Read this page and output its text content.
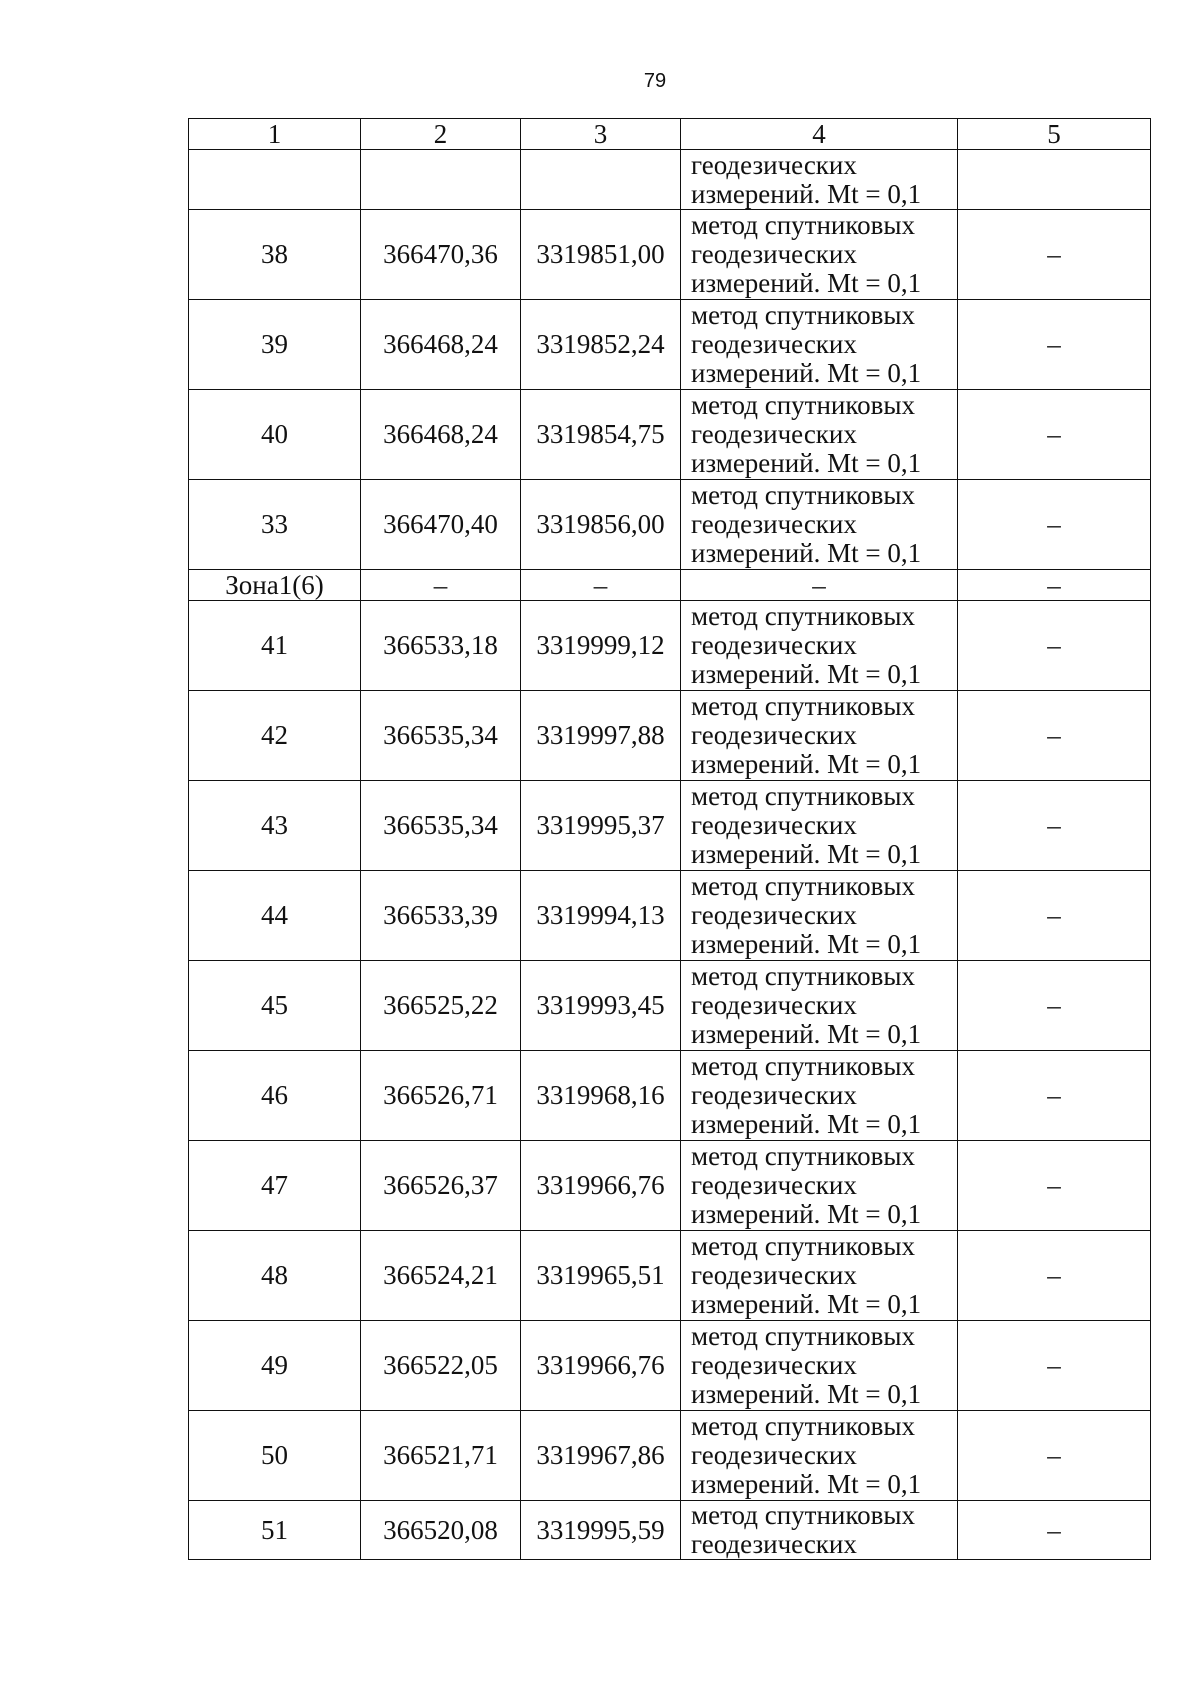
79
1	2	3	4	5

			геодезических
измерений. Mt = 0,1	

38	366470,36	3319851,00	метод спутниковых
геодезических
измерений. Mt = 0,1	–
39	366468,24	3319852,24	метод спутниковых
геодезических
измерений. Mt = 0,1	–
40	366468,24	3319854,75	метод спутниковых
геодезических
измерений. Mt = 0,1	–
33	366470,40	3319856,00	метод спутниковых
геодезических
измерений. Mt = 0,1	–
Зона1(6)	–	–	–	–
41	366533,18	3319999,12	метод спутниковых
геодезических
измерений. Mt = 0,1	–
42	366535,34	3319997,88	метод спутниковых
геодезических
измерений. Mt = 0,1	–
43	366535,34	3319995,37	метод спутниковых
геодезических
измерений. Mt = 0,1	–
44	366533,39	3319994,13	метод спутниковых
геодезических
измерений. Mt = 0,1	–
45	366525,22	3319993,45	метод спутниковых
геодезических
измерений. Mt = 0,1	–
46	366526,71	3319968,16	метод спутниковых
геодезических
измерений. Mt = 0,1	–
47	366526,37	3319966,76	метод спутниковых
геодезических
измерений. Mt = 0,1	–
48	366524,21	3319965,51	метод спутниковых
геодезических
измерений. Mt = 0,1	–
49	366522,05	3319966,76	метод спутниковых
геодезических
измерений. Mt = 0,1	–
50	366521,71	3319967,86	метод спутниковых
геодезических
измерений. Mt = 0,1	–
51	366520,08	3319995,59	метод спутниковых
геодезических	–
